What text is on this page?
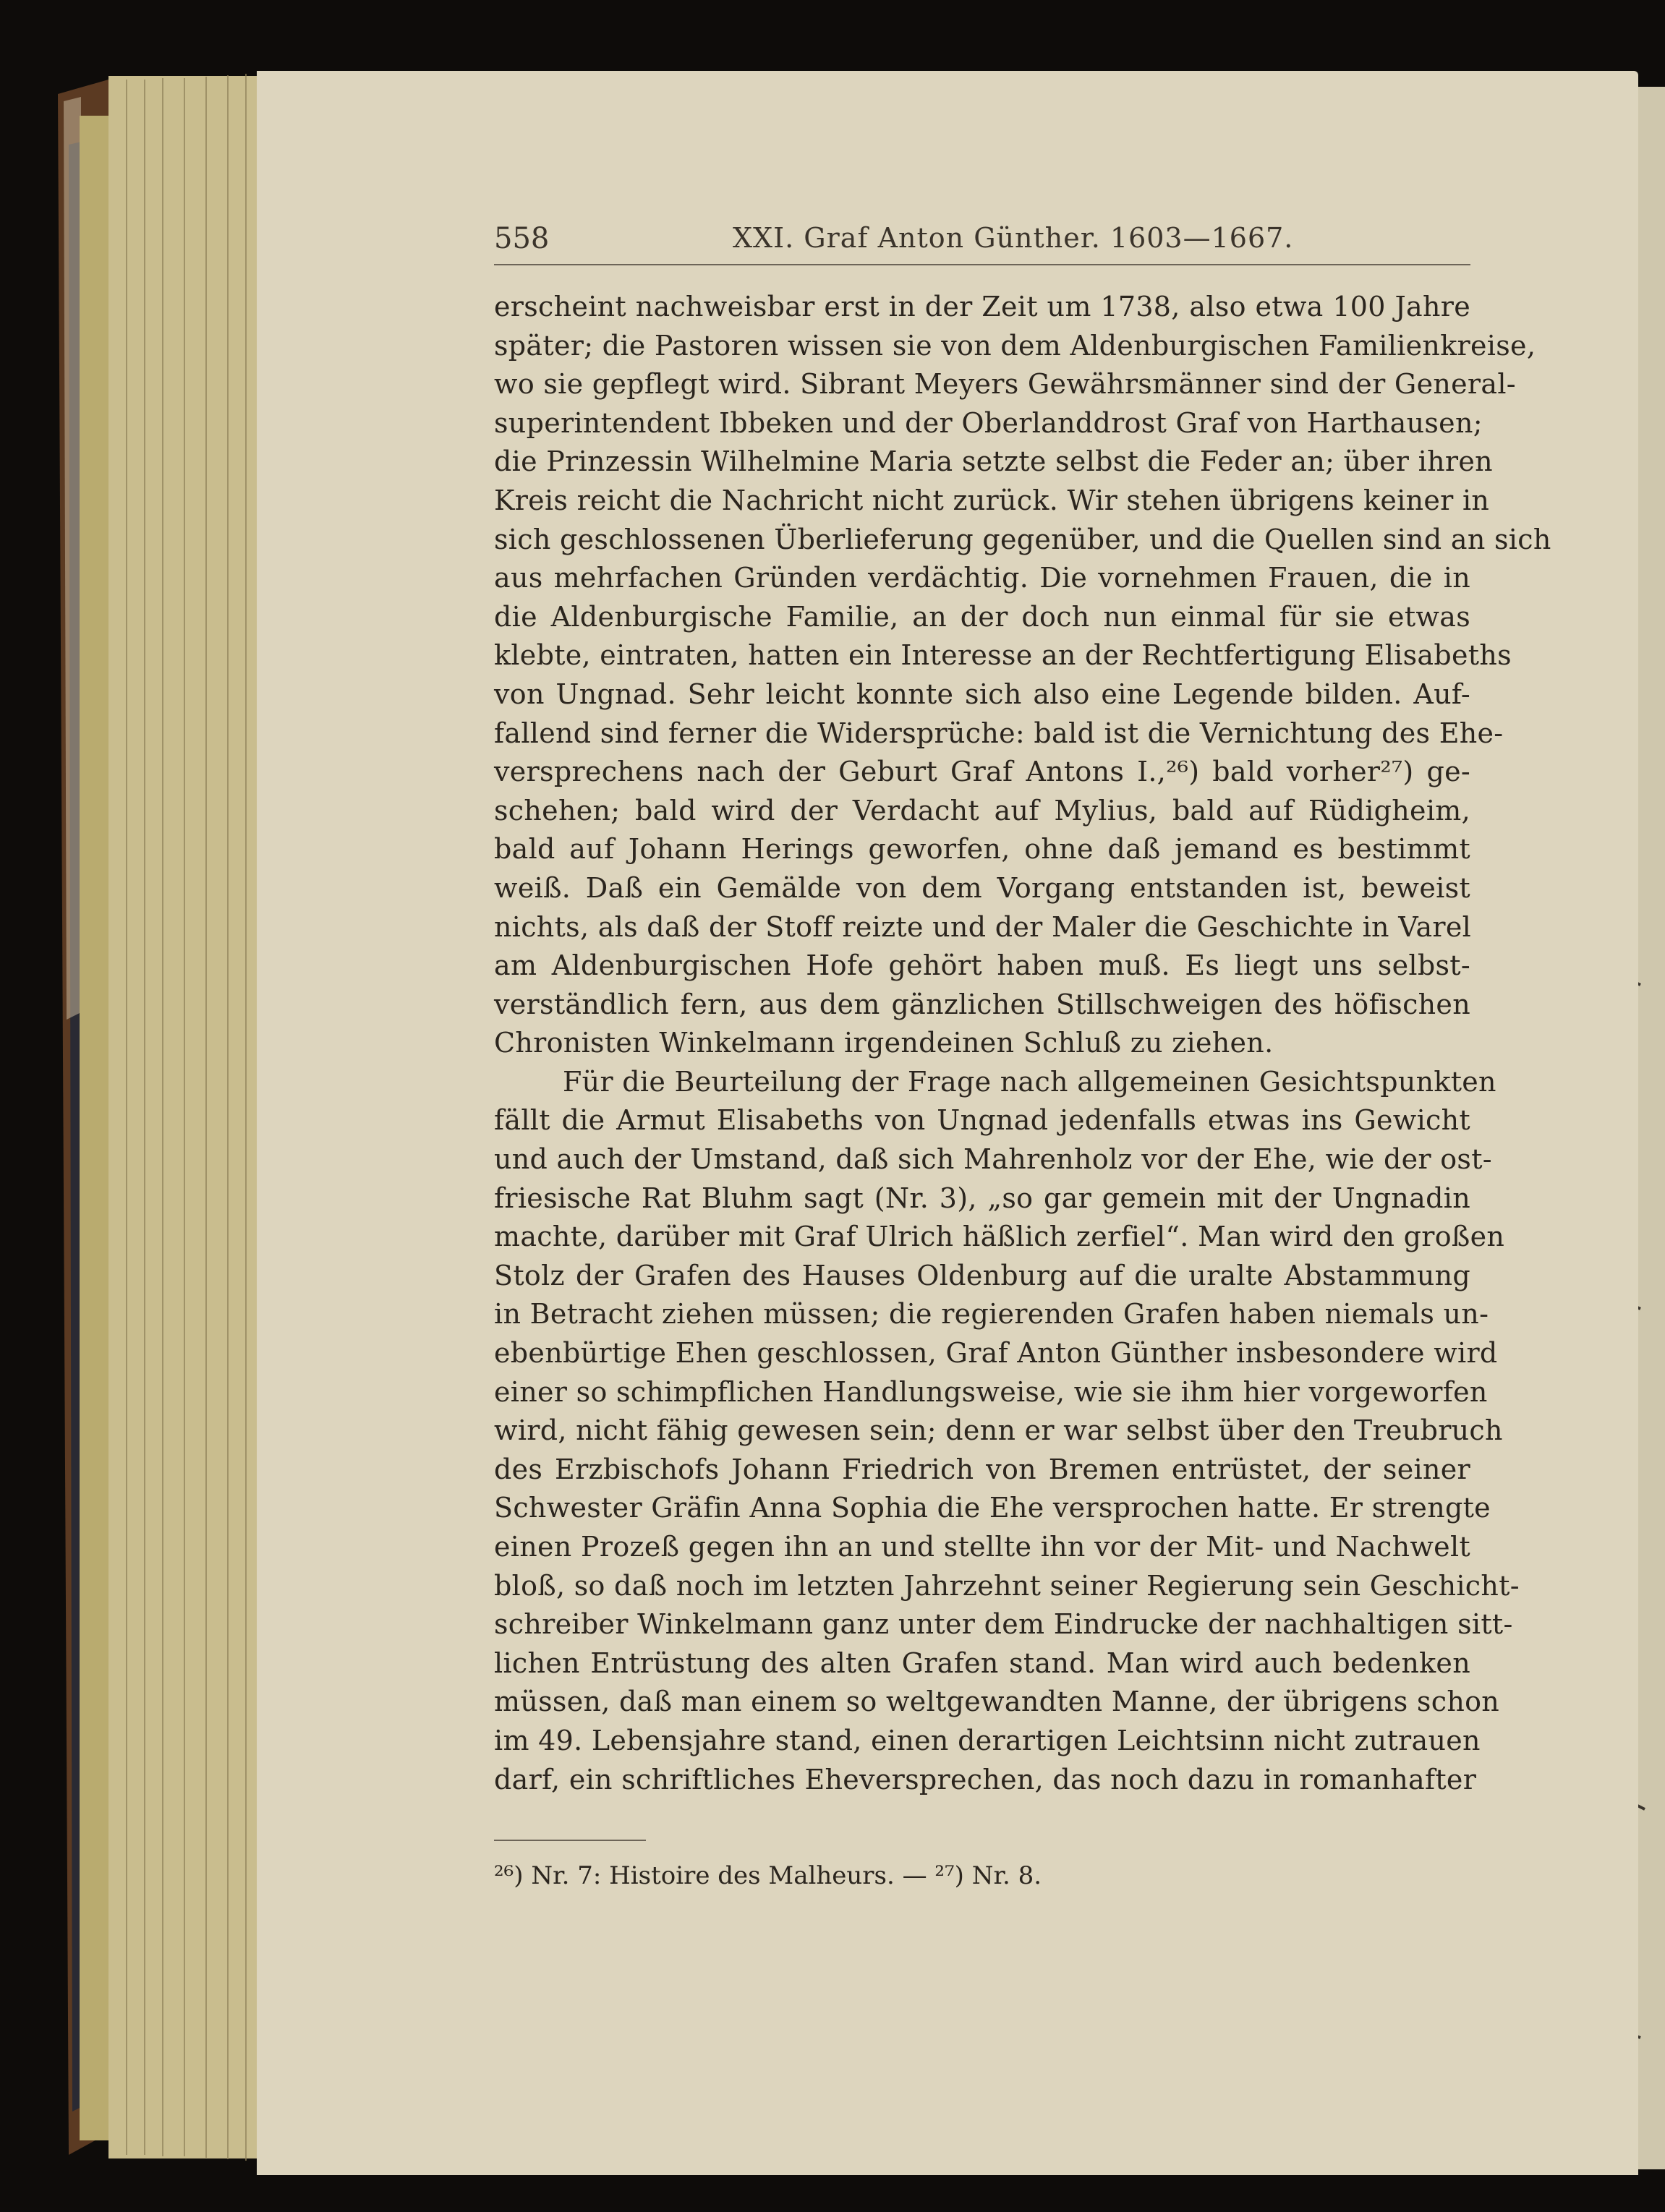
558	XXI. Graf Anton Günther. 1603—1667.
erscheint nachweisbar erst in der Zeit um 1738, also etwa 100 Jahre
später; die Pastoren wissen sie von dem Aldenburgischen Familienkreise,
wo sie gepflegt wird. Sibrant Meyers Gewährsmänner sind der General-
superintendent Ibbeken und der Oberlanddrost Graf von Harthausen;
die Prinzessin Wilhelmine Maria setzte selbst die Feder an; über ihren
Kreis reicht die Nachricht nicht zurück. Wir stehen übrigens keiner in
sich geschlossenen Überlieferung gegenüber, und die Quellen sind an sich
aus mehrfachen Gründen verdächtig. Die vornehmen Frauen, die in
die Aldenburgische Familie, an der doch nun einmal für sie etwas
klebte, eintraten, hatten ein Interesse an der Rechtfertigung Elisabeths
von Ungnad. Sehr leicht konnte sich also eine Legende bilden. Auf-
fallend sind ferner die Widersprüche: bald ist die Vernichtung des Ehe-
versprechens nach der Geburt Graf Antons I.,²⁶) bald vorher²⁷) ge-
schehen; bald wird der Verdacht auf Mylius, bald auf Rüdigheim,
bald auf Johann Herings geworfen, ohne daß jemand es bestimmt
weiß. Daß ein Gemälde von dem Vorgang entstanden ist, beweist
nichts, als daß der Stoff reizte und der Maler die Geschichte in Varel
am Aldenburgischen Hofe gehört haben muß. Es liegt uns selbst-
verständlich fern, aus dem gänzlichen Stillschweigen des höfischen
Chronisten Winkelmann irgendeinen Schluß zu ziehen.
Für die Beurteilung der Frage nach allgemeinen Gesichtspunkten
fällt die Armut Elisabeths von Ungnad jedenfalls etwas ins Gewicht
und auch der Umstand, daß sich Mahrenholz vor der Ehe, wie der ost-
friesische Rat Bluhm sagt (Nr. 3), „so gar gemein mit der Ungnadin
machte, darüber mit Graf Ulrich häßlich zerfiel“. Man wird den großen
Stolz der Grafen des Hauses Oldenburg auf die uralte Abstammung
in Betracht ziehen müssen; die regierenden Grafen haben niemals un-
ebenbürtige Ehen geschlossen, Graf Anton Günther insbesondere wird
einer so schimpflichen Handlungsweise, wie sie ihm hier vorgeworfen
wird, nicht fähig gewesen sein; denn er war selbst über den Treubruch
des Erzbischofs Johann Friedrich von Bremen entrüstet, der seiner
Schwester Gräfin Anna Sophia die Ehe versprochen hatte. Er strengte
einen Prozeß gegen ihn an und stellte ihn vor der Mit- und Nachwelt
bloß, so daß noch im letzten Jahrzehnt seiner Regierung sein Geschicht-
schreiber Winkelmann ganz unter dem Eindrucke der nachhaltigen sitt-
lichen Entrüstung des alten Grafen stand. Man wird auch bedenken
müssen, daß man einem so weltgewandten Manne, der übrigens schon
im 49. Lebensjahre stand, einen derartigen Leichtsinn nicht zutrauen
darf, ein schriftliches Eheversprechen, das noch dazu in romanhafter
²⁶) Nr. 7: Histoire des Malheurs. — ²⁷) Nr. 8.
